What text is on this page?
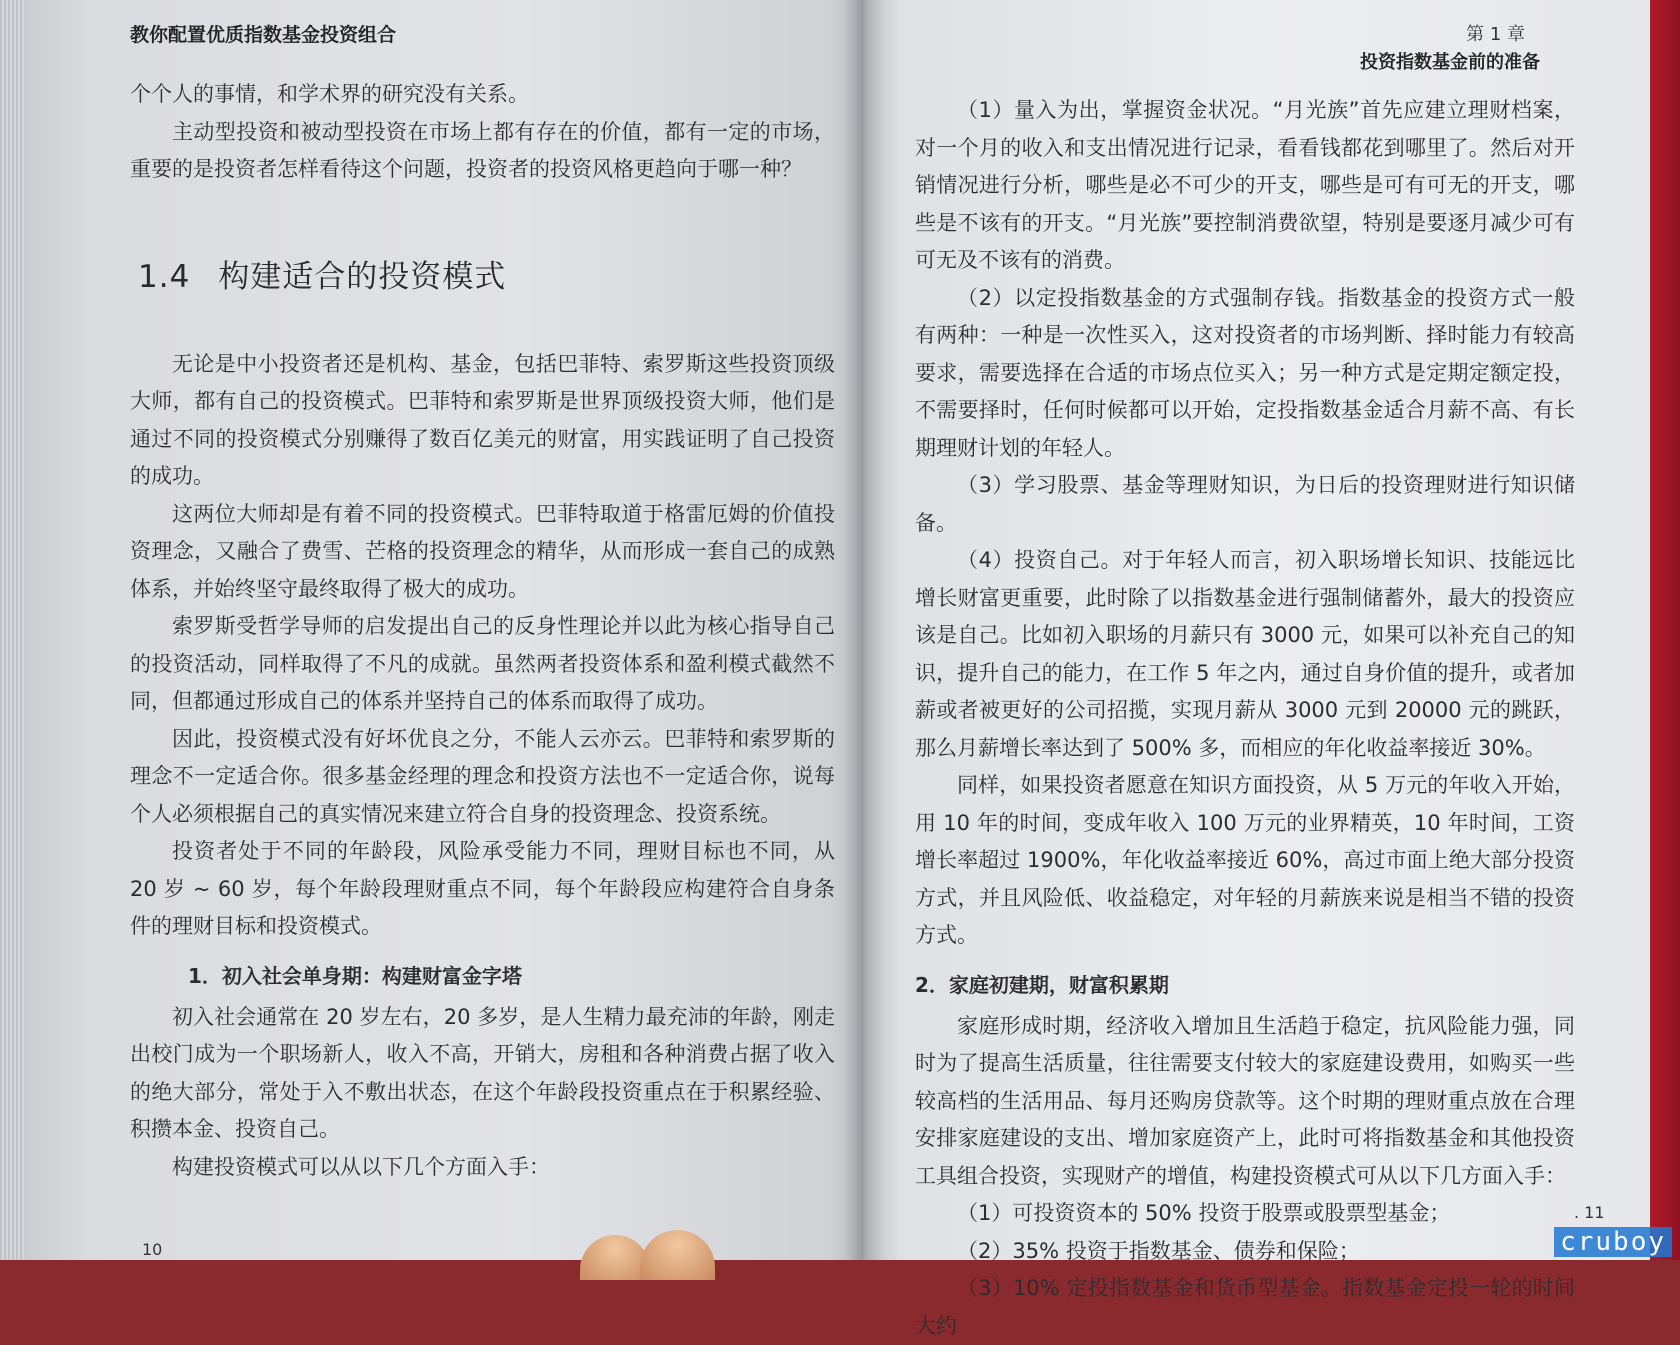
教你配置优质指数基金投资组合	第 1 章
投资指数基金前的准备

个个人的事情，和学术界的研究没有关系。

主动型投资和被动型投资在市场上都有存在的价值，都有一定的市场，重要的是投资者怎样看待这个问题，投资者的投资风格更趋向于哪一种？

1.4 构建适合的投资模式

无论是中小投资者还是机构、基金，包括巴菲特、索罗斯这些投资顶级大师，都有自己的投资模式。巴菲特和索罗斯是世界顶级投资大师，他们是通过不同的投资模式分别赚得了数百亿美元的财富，用实践证明了自己投资的成功。

这两位大师却是有着不同的投资模式。巴菲特取道于格雷厄姆的价值投资理念，又融合了费雪、芒格的投资理念的精华，从而形成一套自己的成熟体系，并始终坚守最终取得了极大的成功。

索罗斯受哲学导师的启发提出自己的反身性理论并以此为核心指导自己的投资活动，同样取得了不凡的成就。虽然两者投资体系和盈利模式截然不同，但都通过形成自己的体系并坚持自己的体系而取得了成功。

因此，投资模式没有好坏优良之分，不能人云亦云。巴菲特和索罗斯的理念不一定适合你。很多基金经理的理念和投资方法也不一定适合你，说每个人必须根据自己的真实情况来建立符合自身的投资理念、投资系统。

投资者处于不同的年龄段，风险承受能力不同，理财目标也不同，从 20 岁 ~ 60 岁，每个年龄段理财重点不同，每个年龄段应构建符合自身条件的理财目标和投资模式。

1．初入社会单身期：构建财富金字塔

初入社会通常在 20 岁左右，20 多岁，是人生精力最充沛的年龄，刚走出校门成为一个职场新人，收入不高，开销大，房租和各种消费占据了收入的绝大部分，常处于入不敷出状态，在这个年龄段投资重点在于积累经验、积攒本金、投资自己。

构建投资模式可以从以下几个方面入手：

（1）量入为出，掌握资金状况。“月光族”首先应建立理财档案，对一个月的收入和支出情况进行记录，看看钱都花到哪里了。然后对开销情况进行分析，哪些是必不可少的开支，哪些是可有可无的开支，哪些是不该有的开支。“月光族”要控制消费欲望，特别是要逐月减少可有可无及不该有的消费。

（2）以定投指数基金的方式强制存钱。指数基金的投资方式一般有两种：一种是一次性买入，这对投资者的市场判断、择时能力有较高要求，需要选择在合适的市场点位买入；另一种方式是定期定额定投，不需要择时，任何时候都可以开始，定投指数基金适合月薪不高、有长期理财计划的年轻人。

（3）学习股票、基金等理财知识，为日后的投资理财进行知识储备。

（4）投资自己。对于年轻人而言，初入职场增长知识、技能远比增长财富更重要，此时除了以指数基金进行强制储蓄外，最大的投资应该是自己。比如初入职场的月薪只有 3000 元，如果可以补充自己的知识，提升自己的能力，在工作 5 年之内，通过自身价值的提升，或者加薪或者被更好的公司招揽，实现月薪从 3000 元到 20000 元的跳跃，那么月薪增长率达到了 500% 多，而相应的年化收益率接近 30%。

同样，如果投资者愿意在知识方面投资，从 5 万元的年收入开始，用 10 年的时间，变成年收入 100 万元的业界精英，10 年时间，工资增长率超过 1900%，年化收益率接近 60%，高过市面上绝大部分投资方式，并且风险低、收益稳定，对年轻的月薪族来说是相当不错的投资方式。

2．家庭初建期，财富积累期

家庭形成时期，经济收入增加且生活趋于稳定，抗风险能力强，同时为了提高生活质量，往往需要支付较大的家庭建设费用，如购买一些较高档的生活用品、每月还购房贷款等。这个时期的理财重点放在合理安排家庭建设的支出、增加家庭资产上，此时可将指数基金和其他投资工具组合投资，实现财产的增值，构建投资模式可从以下几方面入手：

（1）可投资资本的 50% 投资于股票或股票型基金；

（2）35% 投资于指数基金、债券和保险；

（3）10% 定投指数基金和货币型基金。指数基金定投一轮的时间大约

10
. 11
cruboy
